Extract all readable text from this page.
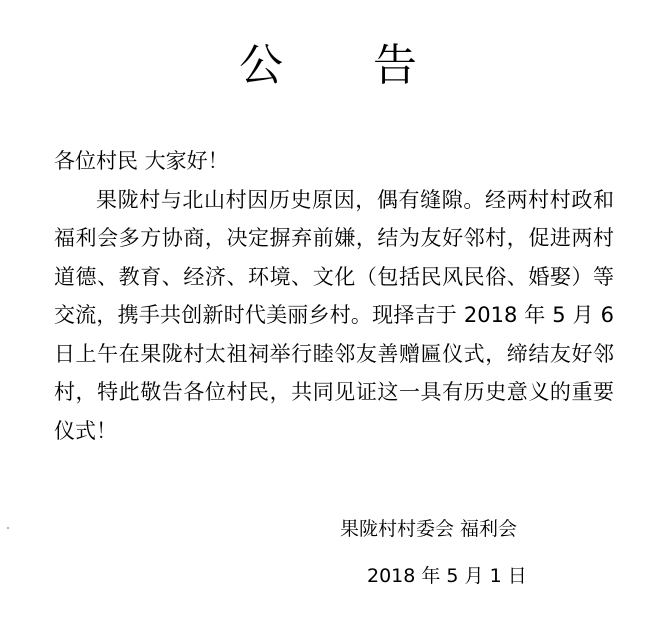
公 告
各位村民 大家好！
果陇村与北山村因历史原因，偶有缝隙。经两村村政和福利会多方协商，决定摒弃前嫌，结为友好邻村，促进两村道德、教育、经济、环境、文化（包括民风民俗、婚娶）等交流，携手共创新时代美丽乡村。现择吉于 2018 年 5 月 6 日上午在果陇村太祖祠举行睦邻友善赠匾仪式，缔结友好邻村，特此敬告各位村民，共同见证这一具有历史意义的重要仪式！
果陇村村委会 福利会
2018 年 5 月 1 日
